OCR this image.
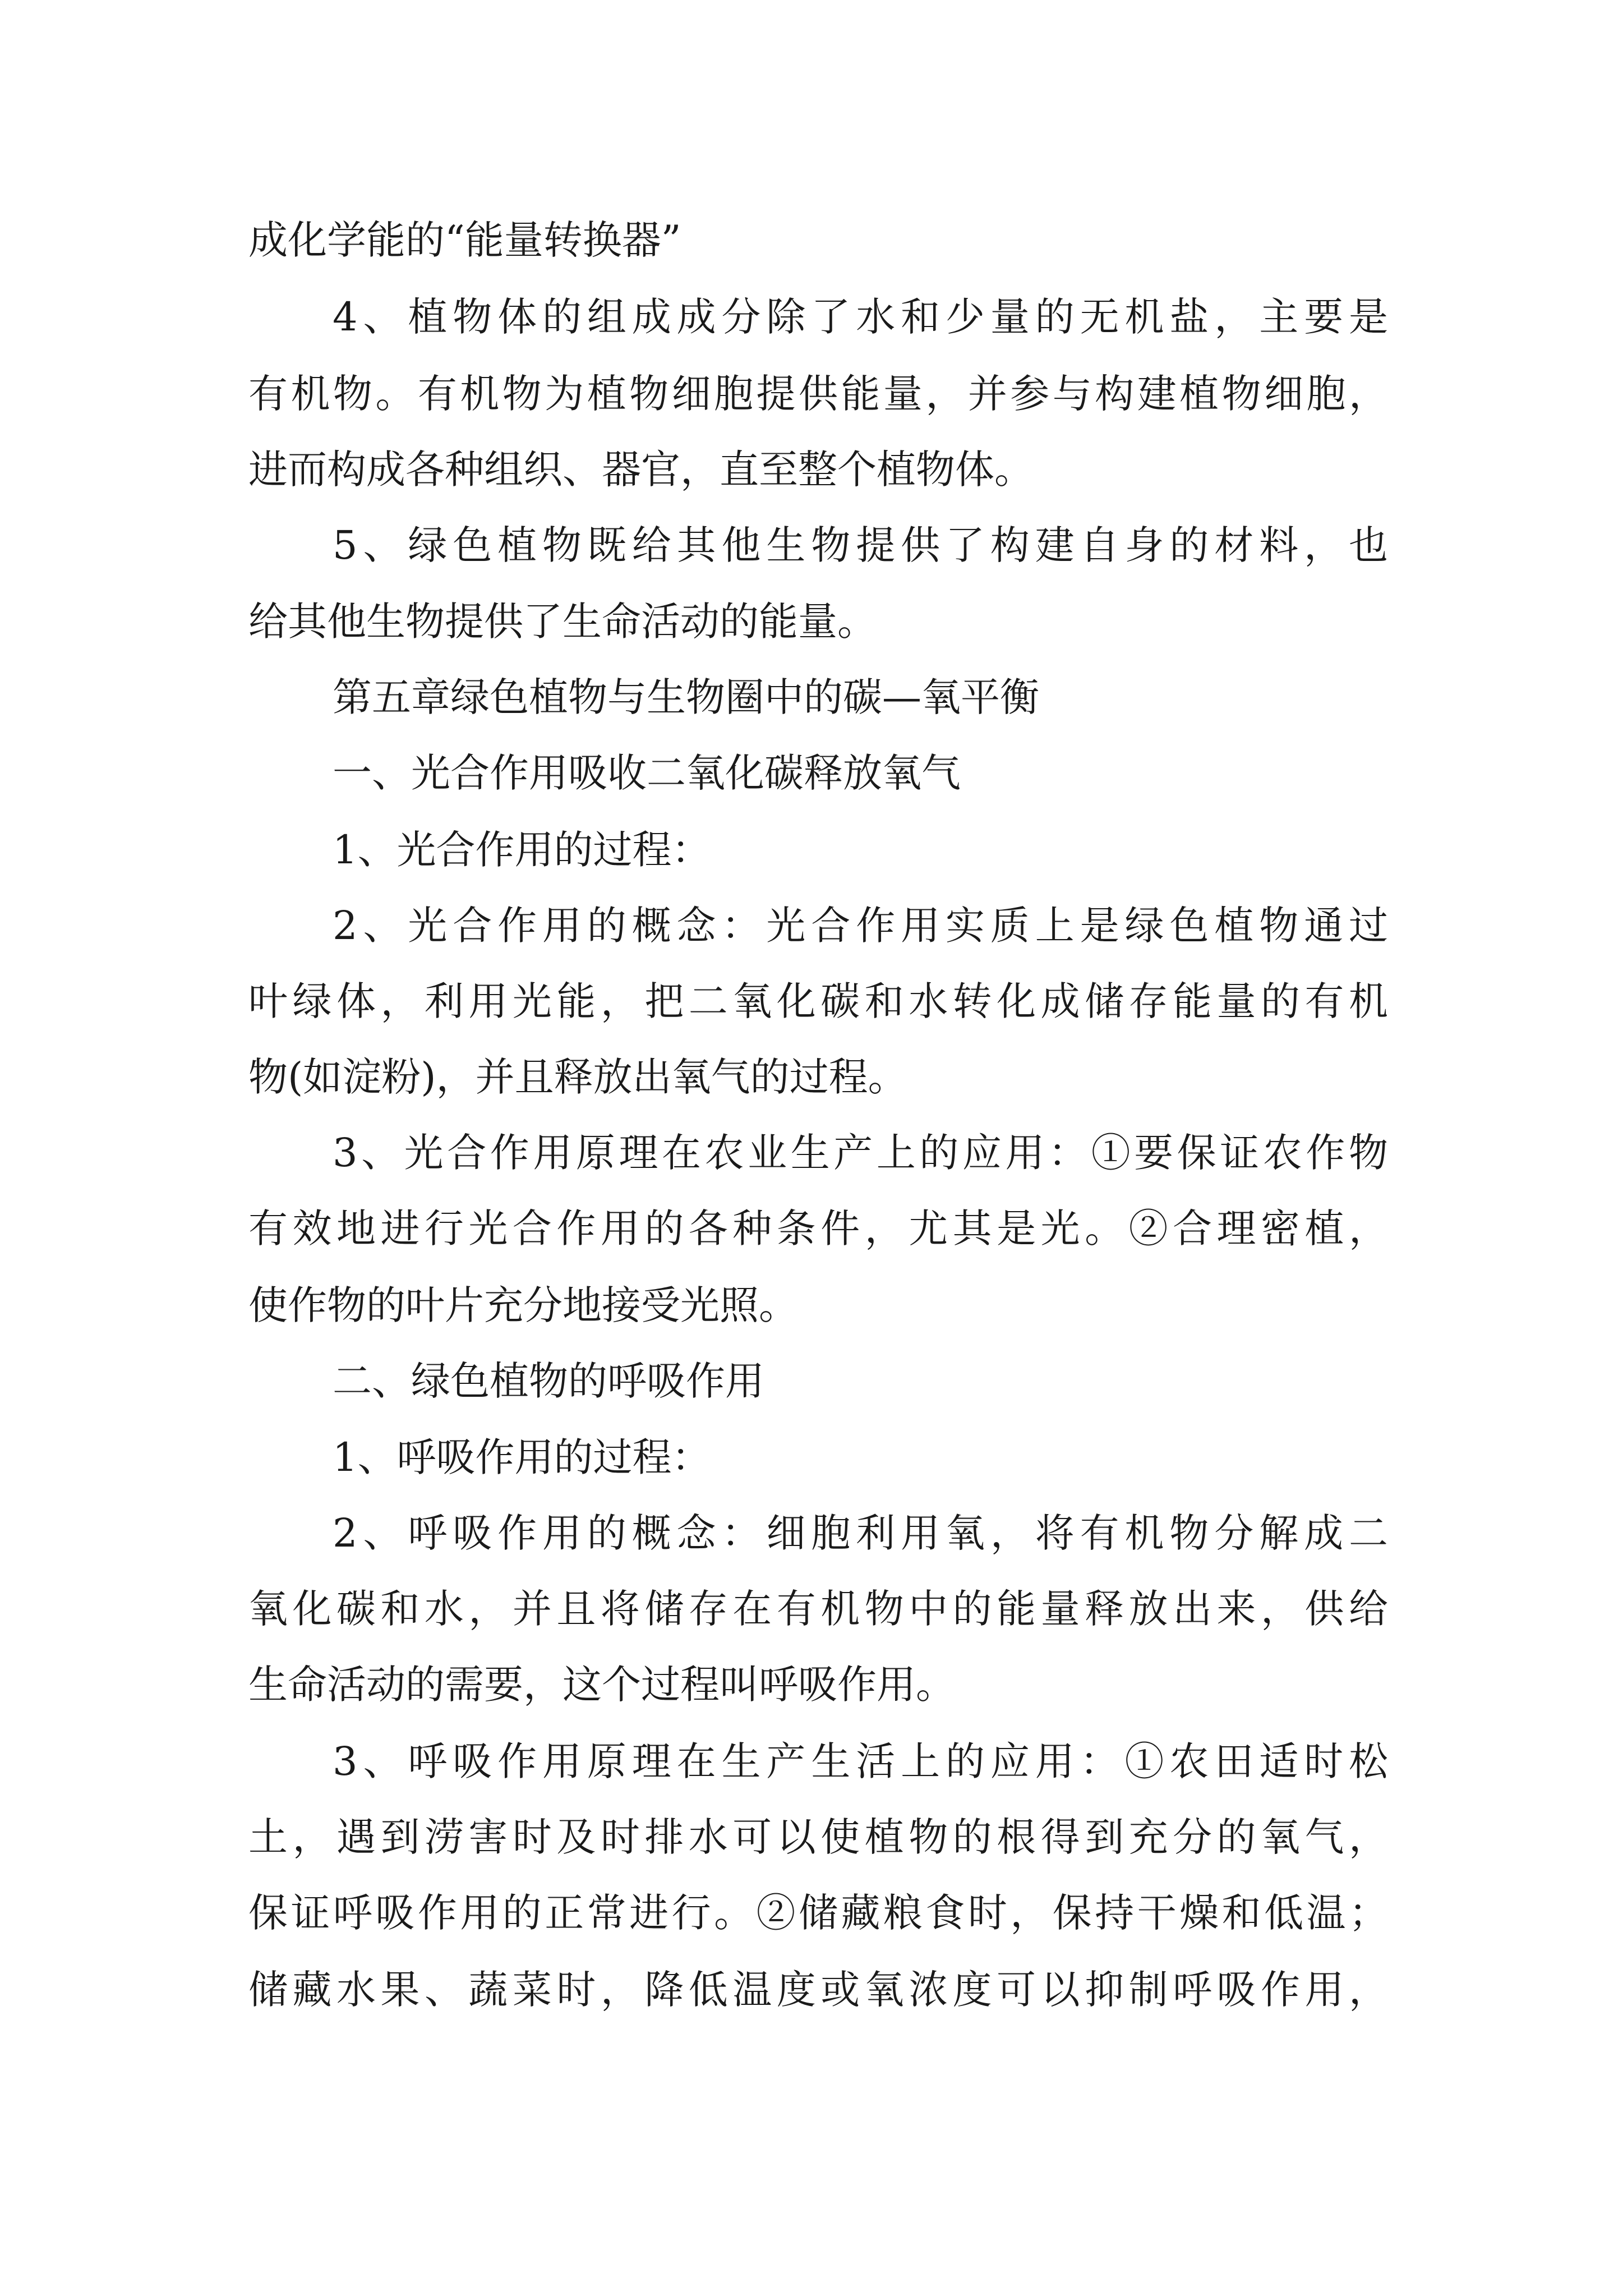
成化学能的“能量转换器”
4、植物体的组成成分除了水和少量的无机盐，主要是
有机物。有机物为植物细胞提供能量，并参与构建植物细胞，
进而构成各种组织、器官，直至整个植物体。
5、绿色植物既给其他生物提供了构建自身的材料，也
给其他生物提供了生命活动的能量。
第五章绿色植物与生物圈中的碳—氧平衡
一、光合作用吸收二氧化碳释放氧气
1、光合作用的过程：
2、光合作用的概念：光合作用实质上是绿色植物通过
叶绿体，利用光能，把二氧化碳和水转化成储存能量的有机
物(如淀粉)，并且释放出氧气的过程。
3、光合作用原理在农业生产上的应用：①要保证农作物
有效地进行光合作用的各种条件，尤其是光。②合理密植，
使作物的叶片充分地接受光照。
二、绿色植物的呼吸作用
1、呼吸作用的过程：
2、呼吸作用的概念：细胞利用氧，将有机物分解成二
氧化碳和水，并且将储存在有机物中的能量释放出来，供给
生命活动的需要，这个过程叫呼吸作用。
3、呼吸作用原理在生产生活上的应用：①农田适时松
土，遇到涝害时及时排水可以使植物的根得到充分的氧气，
保证呼吸作用的正常进行。②储藏粮食时，保持干燥和低温；
储藏水果、蔬菜时，降低温度或氧浓度可以抑制呼吸作用，
